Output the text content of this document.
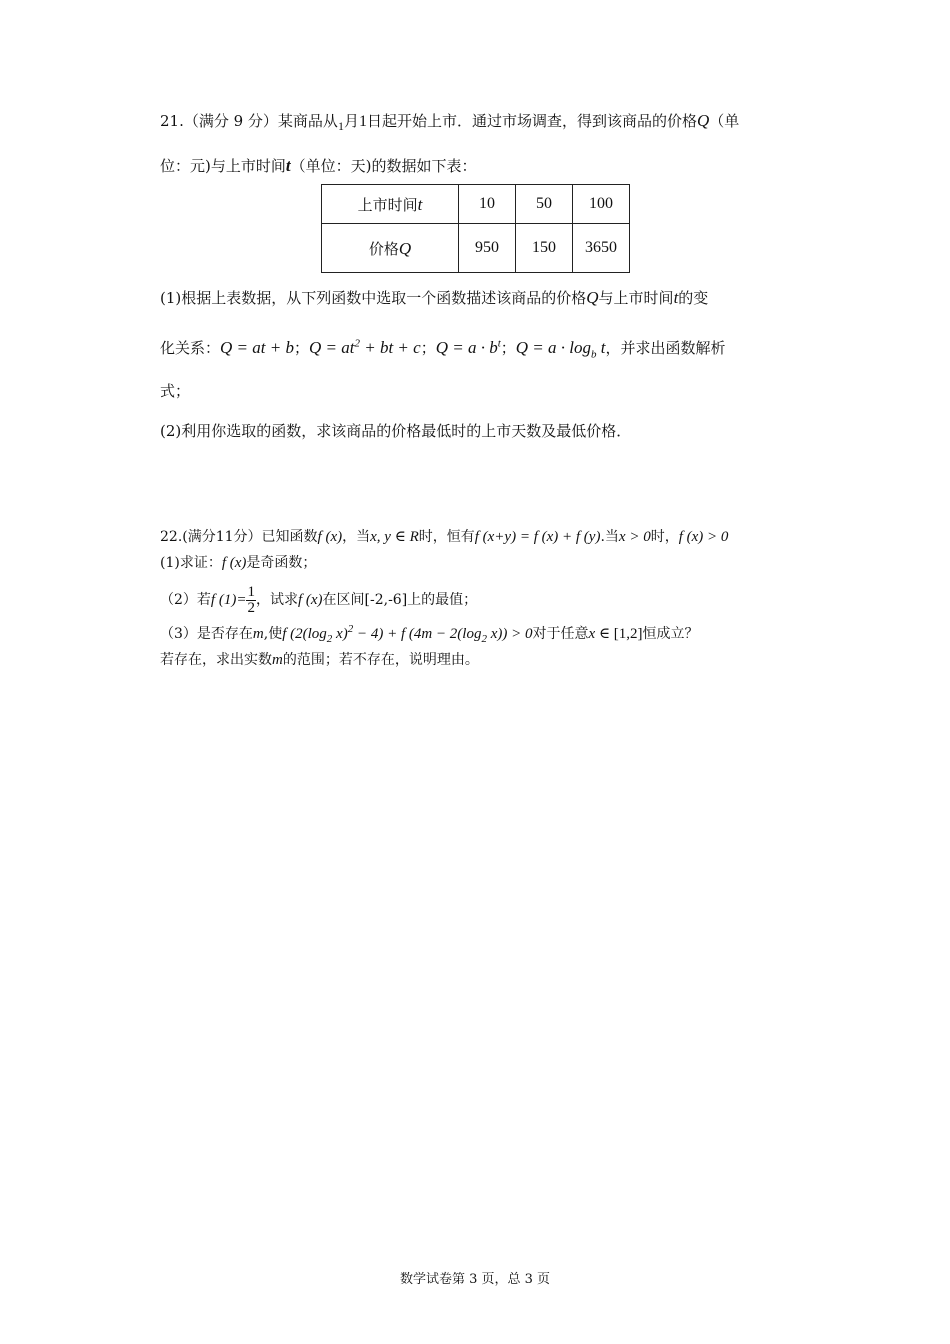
21.（满分 9 分）某商品从$_1$月1日起开始上市．通过市场调查，得到该商品的价格Q（单
位：元)与上市时间t（单位：天)的数据如下表：
上市时间t	10	50	100
价格Q	950	150	3650
(1)根据上表数据，从下列函数中选取一个函数描述该商品的价格Q与上市时间t的变
化关系：Q = at + b；$Q = at^2$ + bt + c；$Q = a \cdot b^t$；$Q = a \cdot \log_b t$，并求出函数解析
式；
(2)利用你选取的函数，求该商品的价格最低时的上市天数及最低价格．
22.(满分11分）已知函数f (x)，当x, y ∈ R时，恒有f (x+y) = f (x) + f (y).当x > 0时，f (x) > 0
(1)求证：f (x)是奇函数；
（2）若f $(1)= \frac{1}{2}$ ，试求f (x)在区间[-2,-6]上的最值；
（3）是否存在m,使f ($2(\log_2$ x)$^2$ − 4) + f ($4m - 2(\log_2$ x)) > 0对于任意x ∈ [1,2]恒成立？
若存在，求出实数m的范围；若不存在，说明理由。
数学试卷第 3 页，总 3 页
